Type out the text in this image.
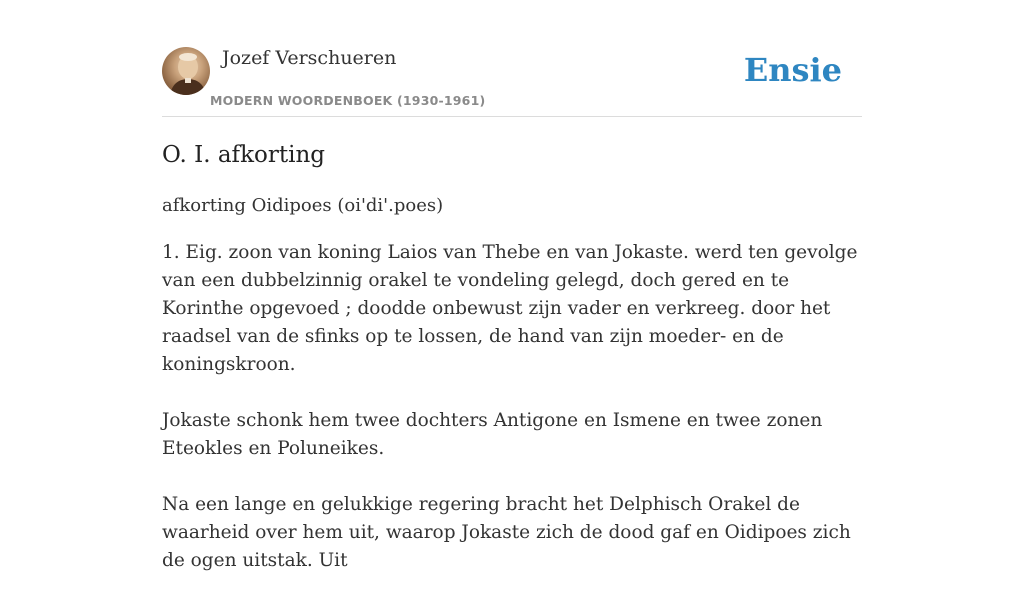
Jozef Verschueren
MODERN WOORDENBOEK (1930-1961)
Ensie
O. I. afkorting
afkorting Oidipoes (oi'di'.poes)

1. Eig. zoon van koning Laios van Thebe en van Jokaste. werd ten gevolge van een dubbelzinnig orakel te vondeling gelegd, doch gered en te Korinthe opgevoed ; doodde onbewust zijn vader en verkreeg. door het raadsel van de sfinks op te lossen, de hand van zijn moeder- en de koningskroon.

Jokaste schonk hem twee dochters Antigone en Ismene en twee zonen Eteokles en Poluneikes.

Na een lange en gelukkige regering bracht het Delphisch Orakel de waarheid over hem uit, waarop Jokaste zich de dood gaf en Oidipoes zich de ogen uitstak. Uit
